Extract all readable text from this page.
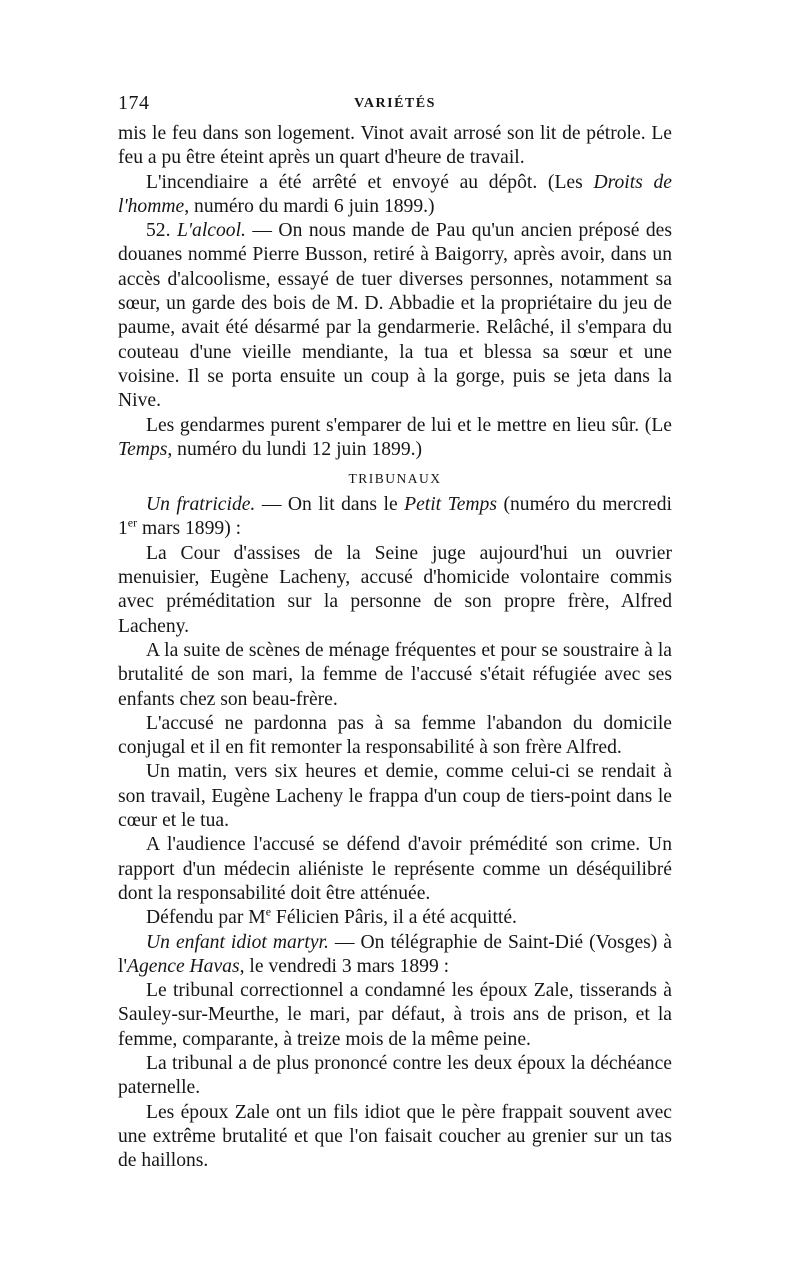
174	VARIÉTÉS

mis le feu dans son logement. Vinot avait arrosé son lit de pétrole. Le feu a pu être éteint après un quart d'heure de travail.

L'incendiaire a été arrêté et envoyé au dépôt. (Les Droits de l'homme, numéro du mardi 6 juin 1899.)

52. L'alcool. — On nous mande de Pau qu'un ancien préposé des douanes nommé Pierre Busson, retiré à Baigorry, après avoir, dans un accès d'alcoolisme, essayé de tuer diverses personnes, notamment sa sœur, un garde des bois de M. D. Abbadie et la propriétaire du jeu de paume, avait été désarmé par la gendarmerie. Relâché, il s'empara du couteau d'une vieille mendiante, la tua et blessa sa sœur et une voisine. Il se porta ensuite un coup à la gorge, puis se jeta dans la Nive.

Les gendarmes purent s'emparer de lui et le mettre en lieu sûr. (Le Temps, numéro du lundi 12 juin 1899.)

TRIBUNAUX

Un fratricide. — On lit dans le Petit Temps (numéro du mercredi 1er mars 1899) :

La Cour d'assises de la Seine juge aujourd'hui un ouvrier menuisier, Eugène Lacheny, accusé d'homicide volontaire commis avec préméditation sur la personne de son propre frère, Alfred Lacheny.

A la suite de scènes de ménage fréquentes et pour se soustraire à la brutalité de son mari, la femme de l'accusé s'était réfugiée avec ses enfants chez son beau-frère.

L'accusé ne pardonna pas à sa femme l'abandon du domicile conjugal et il en fit remonter la responsabilité à son frère Alfred.

Un matin, vers six heures et demie, comme celui-ci se rendait à son travail, Eugène Lacheny le frappa d'un coup de tiers-point dans le cœur et le tua.

A l'audience l'accusé se défend d'avoir prémédité son crime. Un rapport d'un médecin aliéniste le représente comme un déséquilibré dont la responsabilité doit être atténuée.

Défendu par Me Félicien Pâris, il a été acquitté.

Un enfant idiot martyr. — On télégraphie de Saint-Dié (Vosges) à l'Agence Havas, le vendredi 3 mars 1899 :

Le tribunal correctionnel a condamné les époux Zale, tisserands à Sauley-sur-Meurthe, le mari, par défaut, à trois ans de prison, et la femme, comparante, à treize mois de la même peine.

La tribunal a de plus prononcé contre les deux époux la déchéance paternelle.

Les époux Zale ont un fils idiot que le père frappait souvent avec une extrême brutalité et que l'on faisait coucher au grenier sur un tas de haillons.
